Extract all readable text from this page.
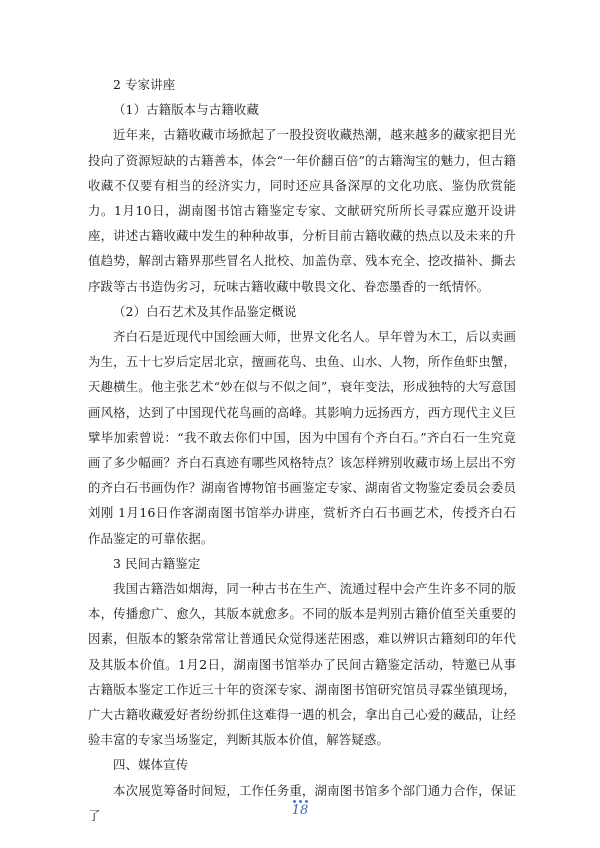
2 专家讲座

（1）古籍版本与古籍收藏

近年来，古籍收藏市场掀起了一股投资收藏热潮，越来越多的藏家把目光投向了资源短缺的古籍善本，体会“一年价翻百倍”的古籍淘宝的魅力，但古籍收藏不仅要有相当的经济实力，同时还应具备深厚的文化功底、鉴伪欣赏能力。1月10日，湖南图书馆古籍鉴定专家、文献研究所所长寻霖应邀开设讲座，讲述古籍收藏中发生的种种故事，分析目前古籍收藏的热点以及未来的升值趋势，解剖古籍界那些冒名人批校、加盖伪章、残本充全、挖改描补、撕去序跋等古书造伪劣习，玩味古籍收藏中敬畏文化、眷恋墨香的一纸情怀。

（2）白石艺术及其作品鉴定概说

齐白石是近现代中国绘画大师，世界文化名人。早年曾为木工，后以卖画为生，五十七岁后定居北京，擅画花鸟、虫鱼、山水、人物，所作鱼虾虫蟹，天趣横生。他主张艺术“妙在似与不似之间”，衰年变法，形成独特的大写意国画风格，达到了中国现代花鸟画的高峰。其影响力远扬西方，西方现代主义巨擘毕加索曾说：“我不敢去你们中国，因为中国有个齐白石。”齐白石一生究竟画了多少幅画？齐白石真迹有哪些风格特点？该怎样辨别收藏市场上层出不穷的齐白石书画伪作？湖南省博物馆书画鉴定专家、湖南省文物鉴定委员会委员刘刚 1月16日作客湖南图书馆举办讲座，赏析齐白石书画艺术，传授齐白石作品鉴定的可靠依据。

3 民间古籍鉴定

我国古籍浩如烟海，同一种古书在生产、流通过程中会产生许多不同的版本，传播愈广、愈久，其版本就愈多。不同的版本是判别古籍价值至关重要的因素，但版本的繁杂常常让普通民众觉得迷茫困惑，难以辨识古籍刻印的年代及其版本价值。1月2日，湖南图书馆举办了民间古籍鉴定活动，特邀已从事古籍版本鉴定工作近三十年的资深专家、湖南图书馆研究馆员寻霖坐镇现场，广大古籍收藏爱好者纷纷抓住这难得一遇的机会，拿出自己心爱的藏品，让经验丰富的专家当场鉴定，判断其版本价值，解答疑惑。

四、媒体宣传

本次展览筹备时间短，工作任务重，湖南图书馆多个部门通力合作，保证了	18
